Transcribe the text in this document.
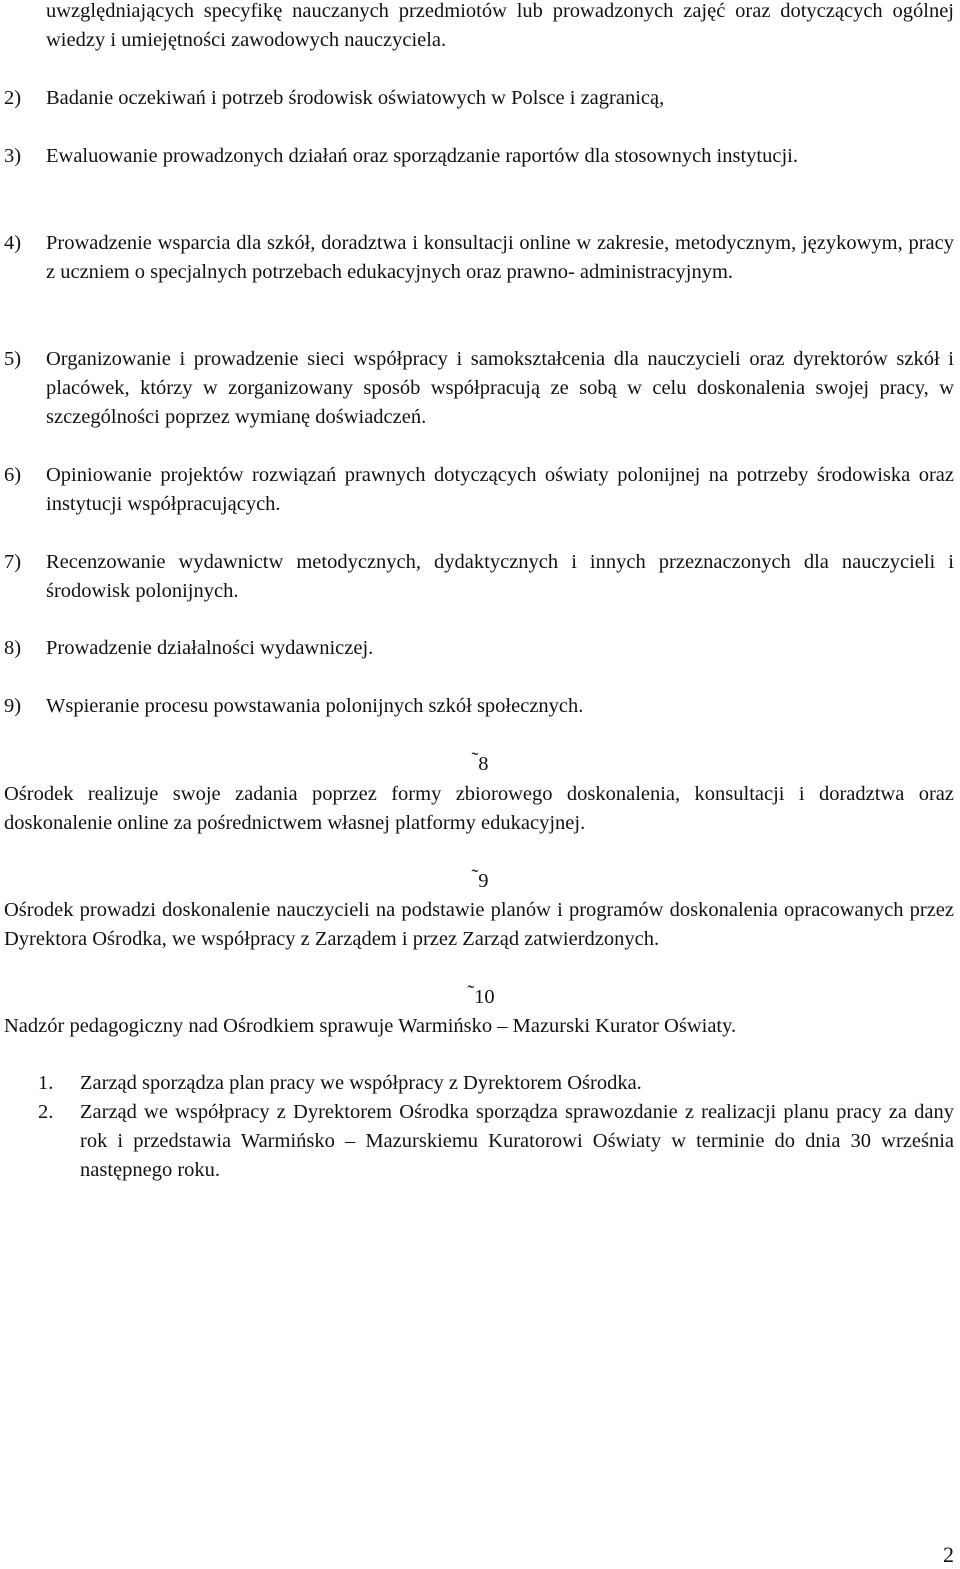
uwzględniających specyfikę nauczanych przedmiotów lub prowadzonych zajęć oraz dotyczących ogólnej wiedzy i umiejętności zawodowych nauczyciela.
2) Badanie oczekiwań i potrzeb środowisk oświatowych w Polsce i zagranicą,
3) Ewaluowanie prowadzonych działań oraz sporządzanie raportów dla stosownych instytucji.
4) Prowadzenie wsparcia dla szkół, doradztwa i konsultacji online w zakresie, metodycznym, językowym, pracy z uczniem o specjalnych potrzebach edukacyjnych oraz prawno- administracyjnym.
5) Organizowanie i prowadzenie sieci współpracy i samokształcenia dla nauczycieli oraz dyrektorów szkół i placówek, którzy w zorganizowany sposób współpracują ze sobą w celu doskonalenia swojej pracy, w szczególności poprzez wymianę doświadczeń.
6) Opiniowanie projektów rozwiązań prawnych dotyczących oświaty polonijnej na potrzeby środowiska oraz instytucji współpracujących.
7) Recenzowanie wydawnictw metodycznych, dydaktycznych i innych przeznaczonych dla nauczycieli i środowisk polonijnych.
8) Prowadzenie działalności wydawniczej.
9) Wspieranie procesu powstawania polonijnych szkół społecznych.
˜8
Ośrodek realizuje swoje zadania poprzez formy zbiorowego doskonalenia, konsultacji i doradztwa oraz doskonalenie online za pośrednictwem własnej platformy edukacyjnej.
˜9
Ośrodek prowadzi doskonalenie nauczycieli na podstawie planów i programów doskonalenia opracowanych przez Dyrektora Ośrodka, we współpracy z Zarządem i przez Zarząd zatwierdzonych.
˜10
Nadzór pedagogiczny nad Ośrodkiem sprawuje Warmińsko – Mazurski Kurator Oświaty.
1. Zarząd sporządza plan pracy we współpracy z Dyrektorem Ośrodka.
2. Zarząd we współpracy z Dyrektorem Ośrodka sporządza sprawozdanie z realizacji planu pracy za dany rok i przedstawia Warmińsko – Mazurskiemu Kuratorowi Oświaty w terminie do dnia 30 września następnego roku.
2
